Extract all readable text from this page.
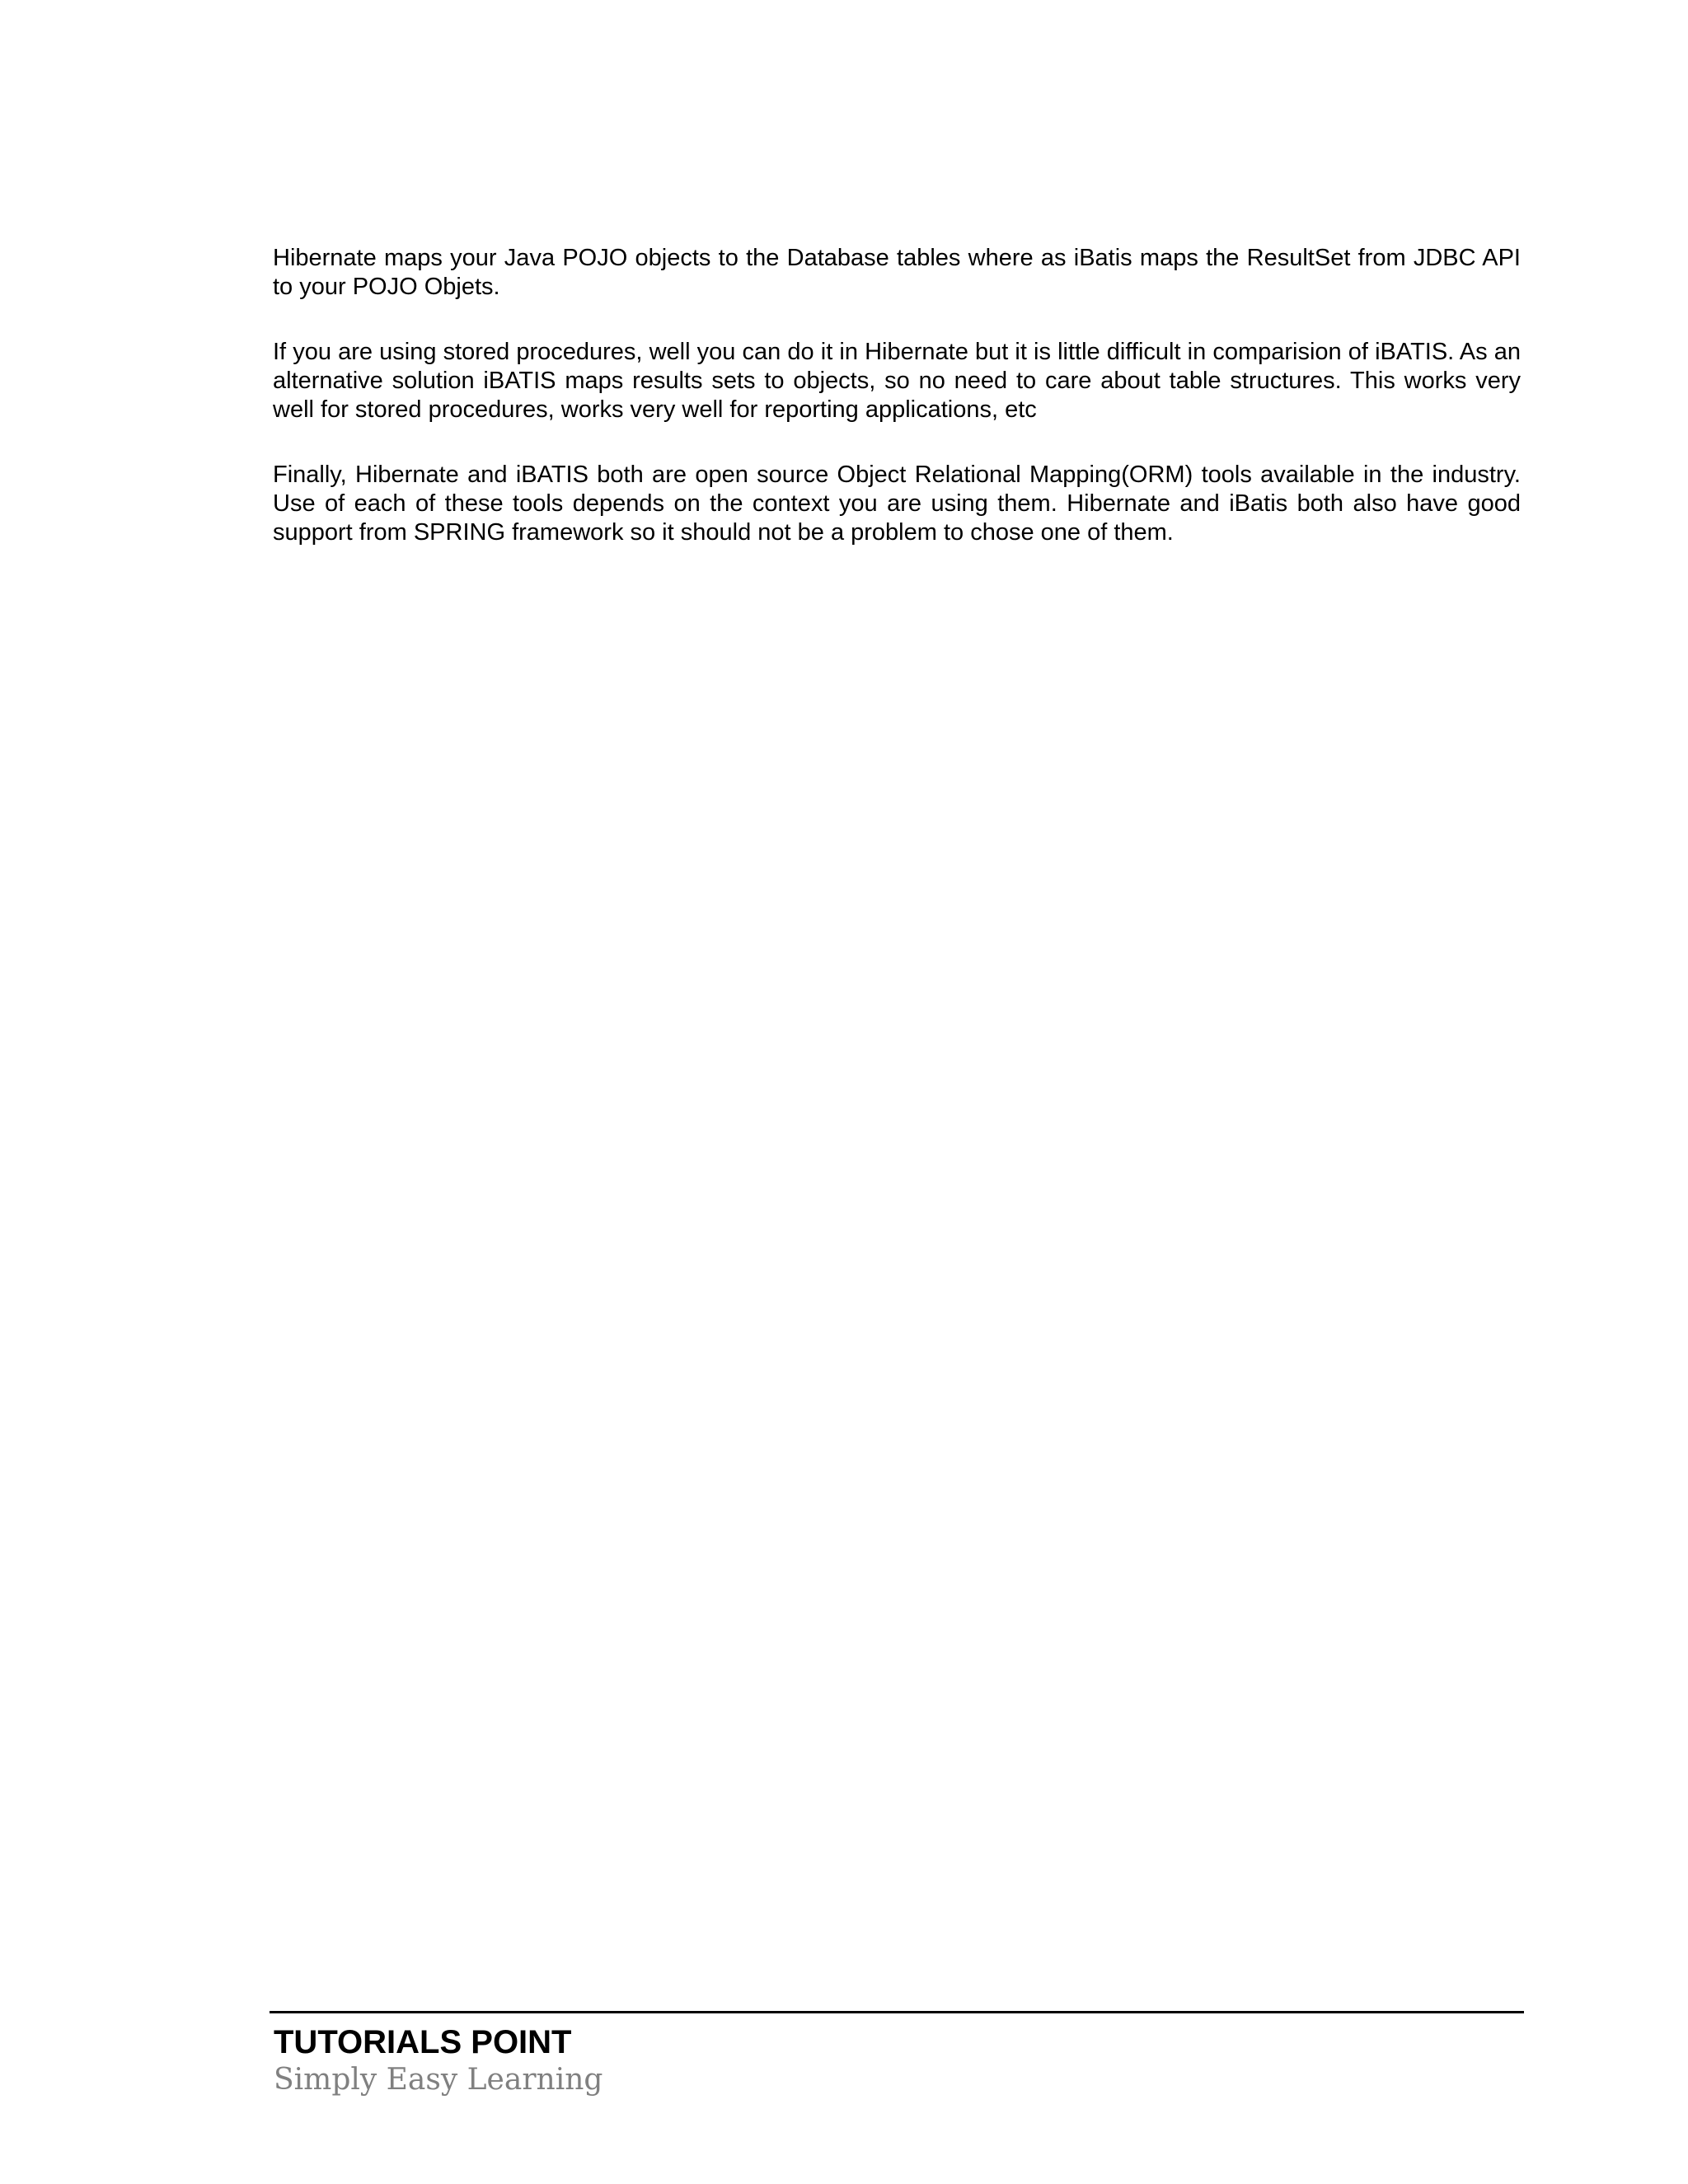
Hibernate maps your Java POJO objects to the Database tables where as iBatis maps the ResultSet from JDBC API to your POJO Objets.

If you are using stored procedures, well you can do it in Hibernate but it is little difficult in comparision of iBATIS. As an alternative solution iBATIS maps results sets to objects, so no need to care about table structures. This works very well for stored procedures, works very well for reporting applications, etc

Finally, Hibernate and iBATIS both are open source Object Relational Mapping(ORM) tools available in the industry. Use of each of these tools depends on the context you are using them. Hibernate and iBatis both also have good support from SPRING framework so it should not be a problem to chose one of them.

TUTORIALS POINT
Simply Easy Learning
